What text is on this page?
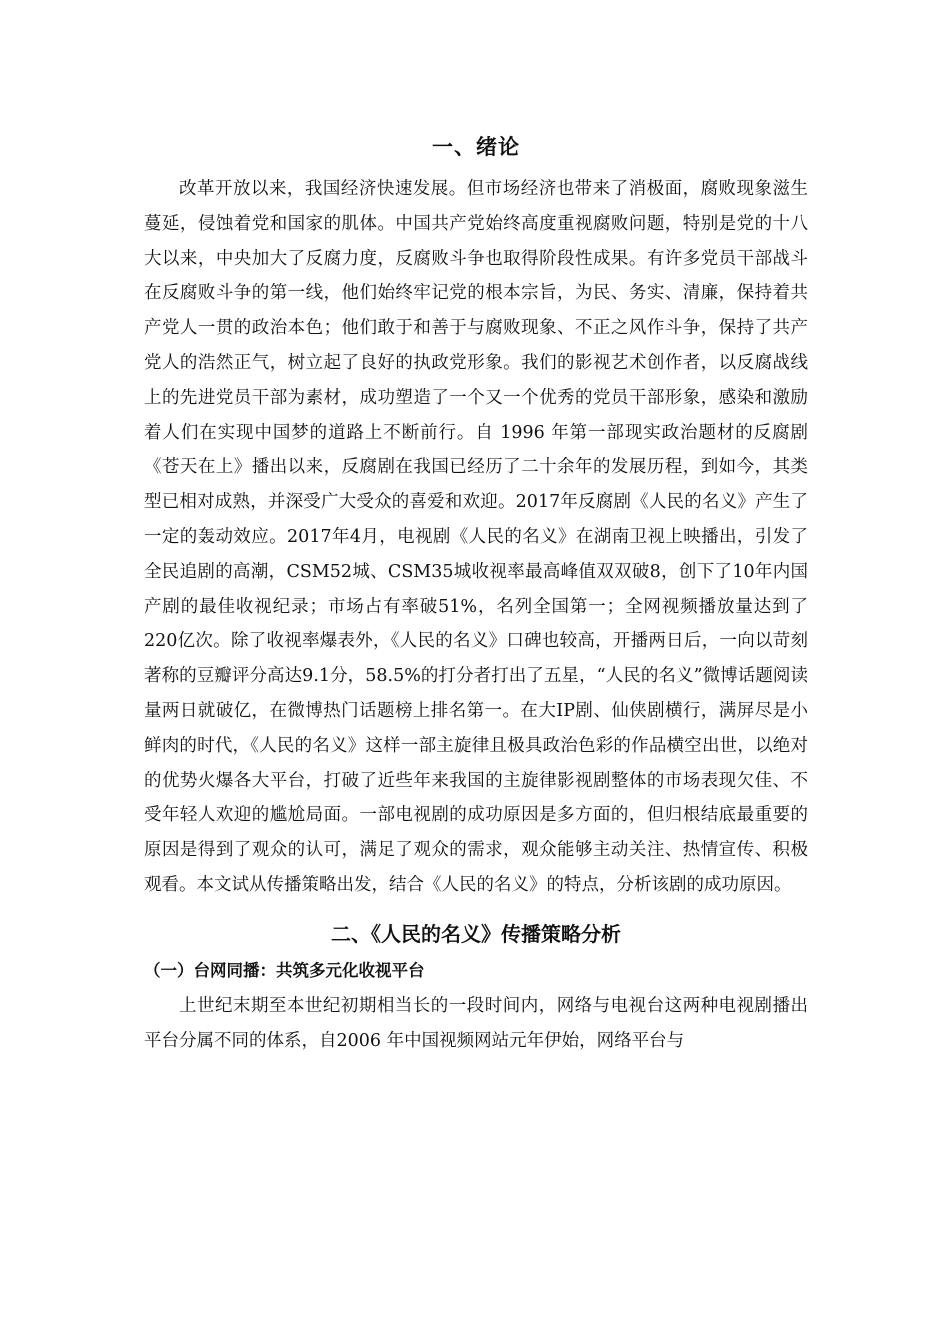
一、绪论

改革开放以来，我国经济快速发展。但市场经济也带来了消极面，腐败现象滋生蔓延，侵蚀着党和国家的肌体。中国共产党始终高度重视腐败问题，特别是党的十八大以来，中央加大了反腐力度，反腐败斗争也取得阶段性成果。有许多党员干部战斗在反腐败斗争的第一线，他们始终牢记党的根本宗旨，为民、务实、清廉，保持着共产党人一贯的政治本色；他们敢于和善于与腐败现象、不正之风作斗争，保持了共产党人的浩然正气，树立起了良好的执政党形象。我们的影视艺术创作者，以反腐战线上的先进党员干部为素材，成功塑造了一个又一个优秀的党员干部形象，感染和激励着人们在实现中国梦的道路上不断前行。自 1996 年第一部现实政治题材的反腐剧《苍天在上》播出以来，反腐剧在我国已经历了二十余年的发展历程，到如今，其类型已相对成熟，并深受广大受众的喜爱和欢迎。2017年反腐剧《人民的名义》产生了一定的轰动效应。2017年4月，电视剧《人民的名义》在湖南卫视上映播出，引发了全民追剧的高潮，CSM52城、CSM35城收视率最高峰值双双破8，创下了10年内国产剧的最佳收视纪录；市场占有率破51%，名列全国第一；全网视频播放量达到了220亿次。除了收视率爆表外，《人民的名义》口碑也较高，开播两日后，一向以苛刻著称的豆瓣评分高达9.1分，58.5%的打分者打出了五星，“人民的名义”微博话题阅读量两日就破亿，在微博热门话题榜上排名第一。在大IP剧、仙侠剧横行，满屏尽是小鲜肉的时代，《人民的名义》这样一部主旋律且极具政治色彩的作品横空出世，以绝对的优势火爆各大平台，打破了近些年来我国的主旋律影视剧整体的市场表现欠佳、不受年轻人欢迎的尴尬局面。一部电视剧的成功原因是多方面的，但归根结底最重要的原因是得到了观众的认可，满足了观众的需求，观众能够主动关注、热情宣传、积极观看。本文试从传播策略出发，结合《人民的名义》的特点，分析该剧的成功原因。

二、《人民的名义》传播策略分析
（一）台网同播：共筑多元化收视平台

上世纪末期至本世纪初期相当长的一段时间内，网络与电视台这两种电视剧播出平台分属不同的体系，自2006 年中国视频网站元年伊始，网络平台与
